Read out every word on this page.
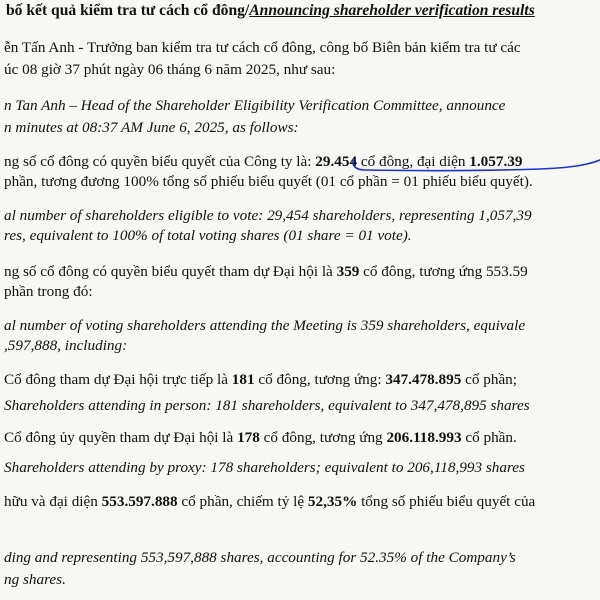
bố kết quả kiểm tra tư cách cổ đông/Announcing shareholder verification results
ễn Tấn Anh - Trưởng ban kiểm tra tư cách cổ đông, công bố Biên bản kiểm tra tư các
úc 08 giờ 37 phút ngày 06 tháng 6 năm 2025, như sau:
n Tan Anh – Head of the Shareholder Eligibility Verification Committee, announce
n minutes at 08:37 AM June 6, 2025, as follows:
ng số cổ đông có quyền biểu quyết của Công ty là: 29.454 cổ đông, đại diện 1.057.39
phần, tương đương 100% tổng số phiếu biểu quyết (01 cổ phần = 01 phiếu biểu quyết).
al number of shareholders eligible to vote: 29,454 shareholders, representing 1,057,39
res, equivalent to 100% of total voting shares (01 share = 01 vote).
ng số cổ đông có quyền biểu quyết tham dự Đại hội là 359 cổ đông, tương ứng 553.59
phần trong đó:
al number of voting shareholders attending the Meeting is 359 shareholders, equivale
,597,888, including:
Cổ đông tham dự Đại hội trực tiếp là 181 cổ đông, tương ứng: 347.478.895 cổ phần;
Shareholders attending in person: 181 shareholders, equivalent to 347,478,895 shares
Cổ đông ủy quyền tham dự Đại hội là 178 cổ đông, tương ứng 206.118.993 cổ phần.
Shareholders attending by proxy: 178 shareholders; equivalent to 206,118,993 shares
hữu và đại diện 553.597.888 cổ phần, chiếm tỷ lệ 52,35% tổng số phiếu biểu quyết của
ding and representing 553,597,888 shares, accounting for 52.35% of the Company’s
ng shares.
